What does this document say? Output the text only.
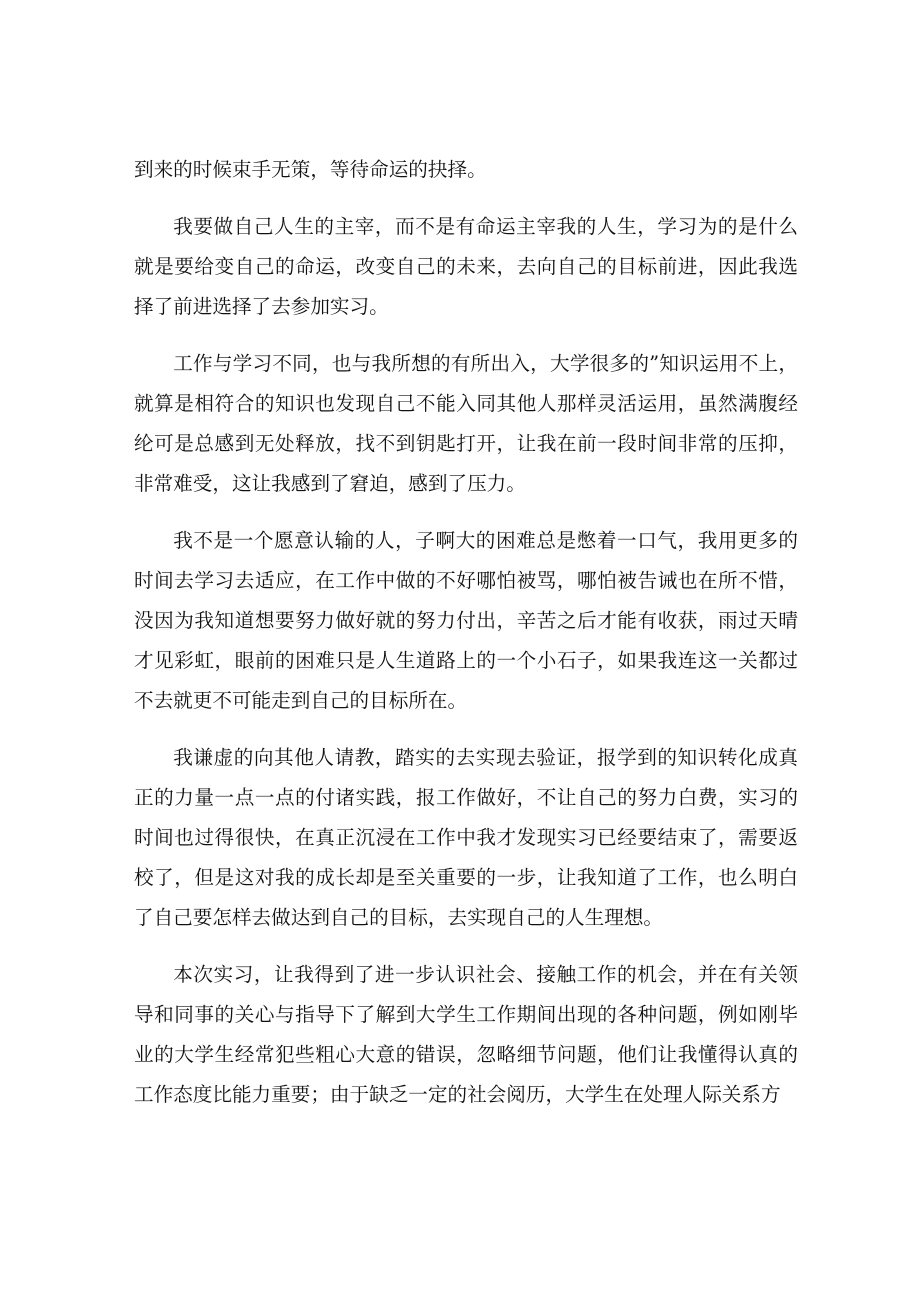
到来的时候束手无策，等待命运的抉择。

我要做自己人生的主宰，而不是有命运主宰我的人生，学习为的是什么就是要给变自己的命运，改变自己的未来，去向自己的目标前进，因此我选择了前进选择了去参加实习。

工作与学习不同，也与我所想的有所出入，大学很多的”知识运用不上，就算是相符合的知识也发现自己不能入同其他人那样灵活运用，虽然满腹经纶可是总感到无处释放，找不到钥匙打开，让我在前一段时间非常的压抑，非常难受，这让我感到了窘迫，感到了压力。

我不是一个愿意认输的人，子啊大的困难总是憋着一口气，我用更多的时间去学习去适应，在工作中做的不好哪怕被骂，哪怕被告诫也在所不惜，没因为我知道想要努力做好就的努力付出，辛苦之后才能有收获，雨过天晴才见彩虹，眼前的困难只是人生道路上的一个小石子，如果我连这一关都过不去就更不可能走到自己的目标所在。

我谦虚的向其他人请教，踏实的去实现去验证，报学到的知识转化成真正的力量一点一点的付诸实践，报工作做好，不让自己的努力白费，实习的时间也过得很快，在真正沉浸在工作中我才发现实习已经要结束了，需要返校了，但是这对我的成长却是至关重要的一步，让我知道了工作，也么明白了自己要怎样去做达到自己的目标，去实现自己的人生理想。

本次实习，让我得到了进一步认识社会、接触工作的机会，并在有关领导和同事的关心与指导下了解到大学生工作期间出现的各种问题，例如刚毕业的大学生经常犯些粗心大意的错误，忽略细节问题，他们让我懂得认真的工作态度比能力重要；由于缺乏一定的社会阅历，大学生在处理人际关系方
